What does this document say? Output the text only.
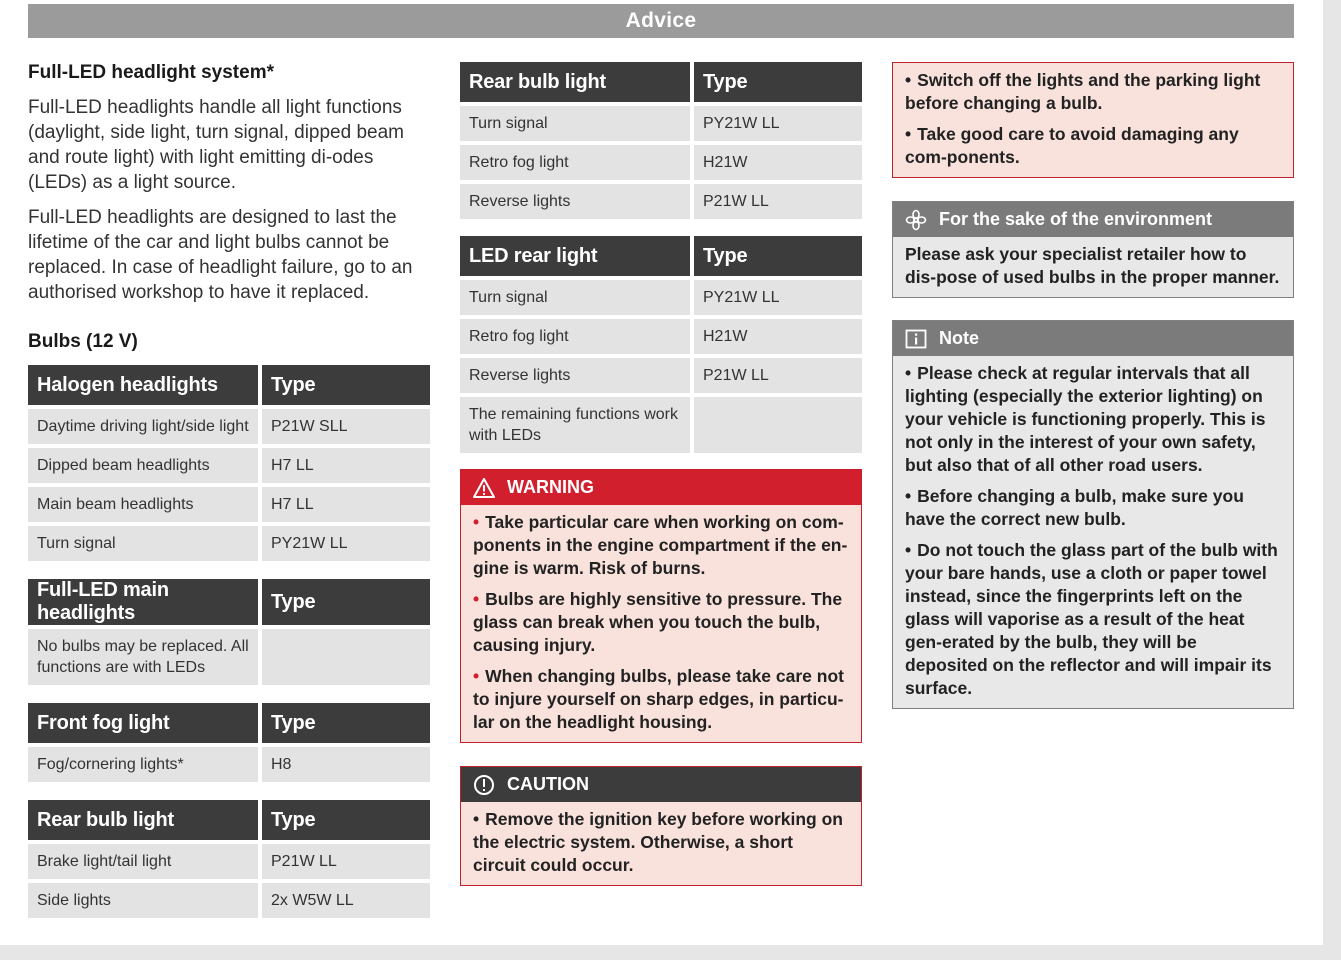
Advice
Full-LED headlight system*

Full-LED headlights handle all light functions (daylight, side light, turn signal, dipped beam and route light) with light emitting di-odes (LEDs) as a light source.

Full-LED headlights are designed to last the lifetime of the car and light bulbs cannot be replaced. In case of headlight failure, go to an authorised workshop to have it replaced.

Bulbs (12 V)
Halogen headlights	Type
Daytime driving light/side light	P21W SLL
Dipped beam headlights	H7 LL
Main beam headlights	H7 LL
Turn signal	PY21W LL
Full-LED main headlights	Type
No bulbs may be replaced. All functions are with LEDs	
Front fog light	Type
Fog/cornering lights*	H8
Rear bulb light	Type
Brake light/tail light	P21W LL
Side lights	2x W5W LL
Rear bulb light	Type
Turn signal	PY21W LL
Retro fog light	H21W
Reverse lights	P21W LL
LED rear light	Type
Turn signal	PY21W LL
Retro fog light	H21W
Reverse lights	P21W LL
The remaining functions work with LEDs	
WARNING

• Take particular care when working on com-ponents in the engine compartment if the en-gine is warm. Risk of burns.

• Bulbs are highly sensitive to pressure. The glass can break when you touch the bulb, causing injury.

• When changing bulbs, please take care not to injure yourself on sharp edges, in particu-lar on the headlight housing.

CAUTION

• Remove the ignition key before working on the electric system. Otherwise, a short circuit could occur.

• Switch off the lights and the parking light before changing a bulb.

• Take good care to avoid damaging any com-ponents.

For the sake of the environment

Please ask your specialist retailer how to dis-pose of used bulbs in the proper manner.

Note

• Please check at regular intervals that all lighting (especially the exterior lighting) on your vehicle is functioning properly. This is not only in the interest of your own safety, but also that of all other road users.

• Before changing a bulb, make sure you have the correct new bulb.

• Do not touch the glass part of the bulb with your bare hands, use a cloth or paper towel instead, since the fingerprints left on the glass will vaporise as a result of the heat gen-erated by the bulb, they will be deposited on the reflector and will impair its surface.
